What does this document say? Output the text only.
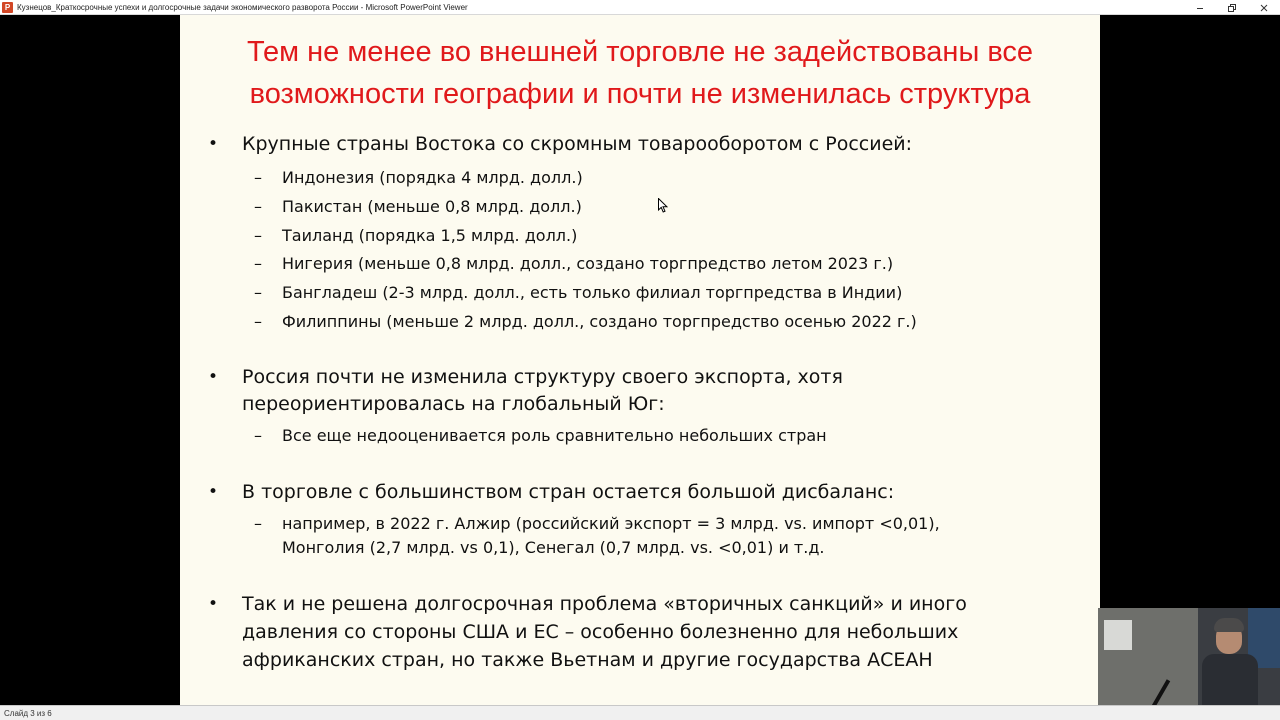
P Кузнецов_Краткосрочные успехи и долгосрочные задачи экономического разворота России - Microsoft PowerPoint Viewer
Тем не менее во внешней торговле не задействованы все
возможности географии и почти не изменилась структура
• Крупные страны Востока со скромным товарооборотом с Россией:
– Индонезия (порядка 4 млрд. долл.)
– Пакистан (меньше 0,8 млрд. долл.)
– Таиланд (порядка 1,5 млрд. долл.)
– Нигерия (меньше 0,8 млрд. долл., создано торгпредство летом 2023 г.)
– Бангладеш (2-3 млрд. долл., есть только филиал торгпредства в Индии)
– Филиппины (меньше 2 млрд. долл., создано торгпредство осенью 2022 г.)
• Россия почти не изменила структуру своего экспорта, хотя
переориентировалась на глобальный Юг:
– Все еще недооценивается роль сравнительно небольших стран
• В торговле с большинством стран остается большой дисбаланс:
– например, в 2022 г. Алжир (российский экспорт = 3 млрд. vs. импорт <0,01),
Монголия (2,7 млрд. vs 0,1), Сенегал (0,7 млрд. vs. <0,01) и т.д.
• Так и не решена долгосрочная проблема «вторичных санкций» и иного
давления со стороны США и ЕС – особенно болезненно для небольших
африканских стран, но также Вьетнам и другие государства АСЕАН
Слайд 3 из 6
